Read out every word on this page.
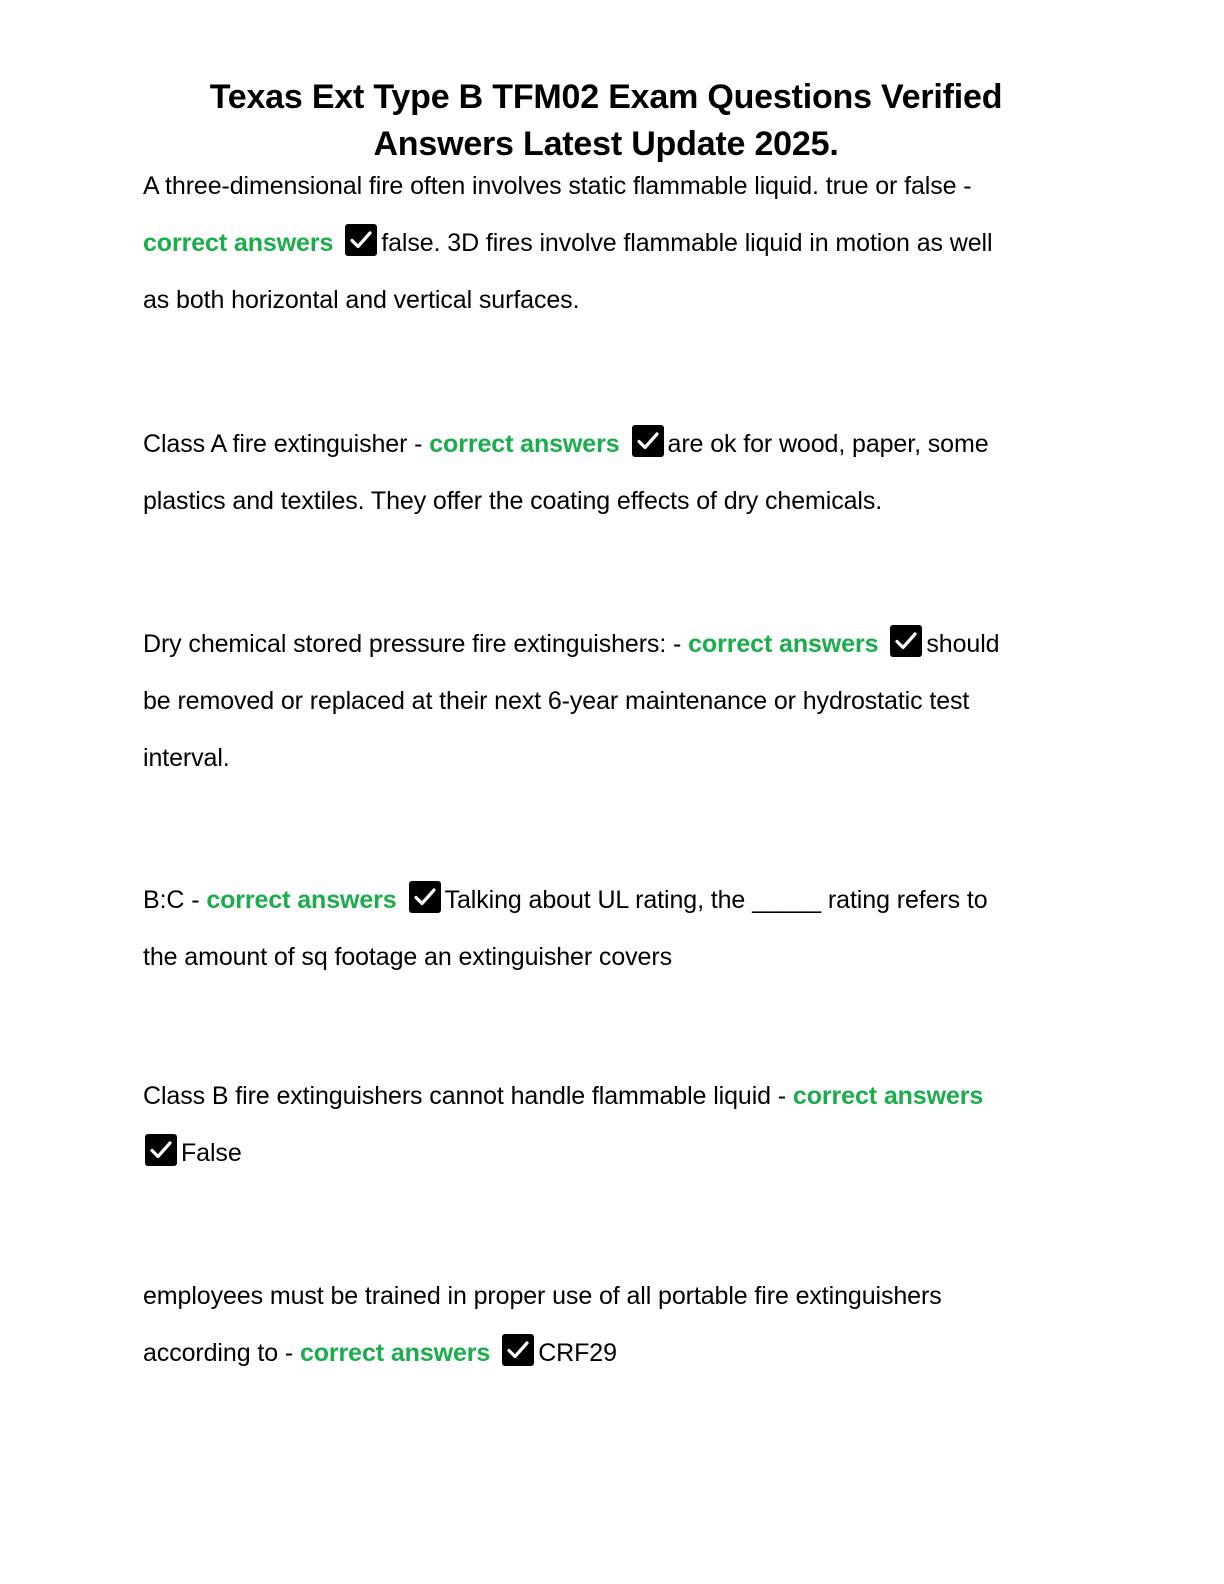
Texas Ext Type B TFM02 Exam Questions Verified
Answers Latest Update 2025.

A three-dimensional fire often involves static flammable liquid. true or false -
correct answers false. 3D fires involve flammable liquid in motion as well
as both horizontal and vertical surfaces.

Class A fire extinguisher - correct answers are ok for wood, paper, some
plastics and textiles. They offer the coating effects of dry chemicals.

Dry chemical stored pressure fire extinguishers: - correct answers should
be removed or replaced at their next 6-year maintenance or hydrostatic test
interval.

B:C - correct answers Talking about UL rating, the _____ rating refers to
the amount of sq footage an extinguisher covers

Class B fire extinguishers cannot handle flammable liquid - correct answers

False

employees must be trained in proper use of all portable fire extinguishers
according to - correct answers CRF29
